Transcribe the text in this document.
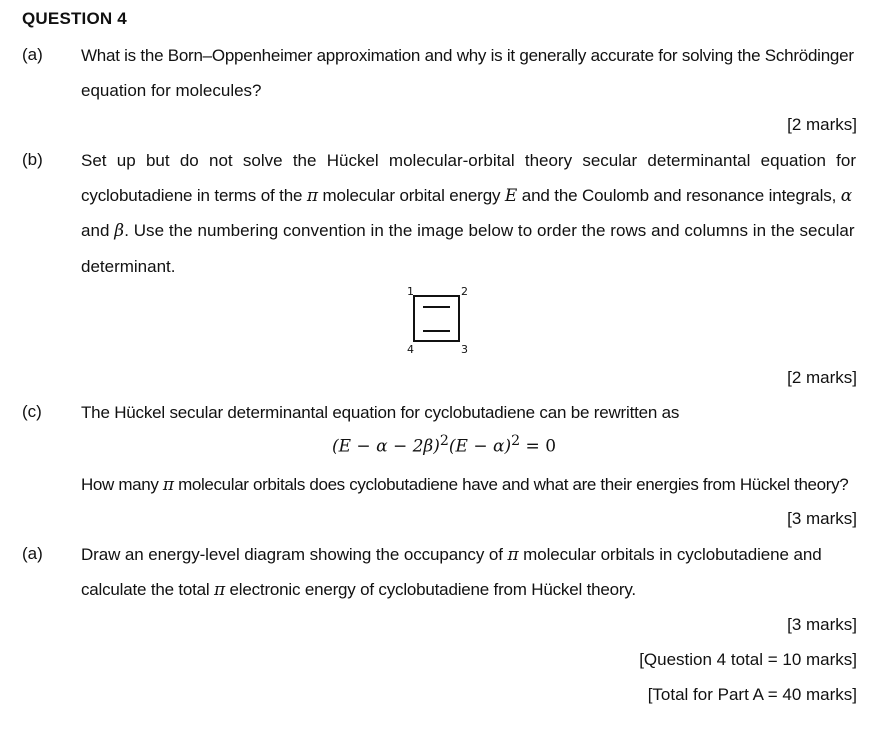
QUESTION 4
(a) What is the Born–Oppenheimer approximation and why is it generally accurate for solving the Schrödinger
equation for molecules?
[2 marks]
(b) Set up but do not solve the Hückel molecular-orbital theory secular determinantal equation for
cyclobutadiene in terms of the π molecular orbital energy E and the Coulomb and resonance integrals, α
and β. Use the numbering convention in the image below to order the rows and columns in the secular
determinant.
1	2
3
4
[2 marks]
(c) The Hückel secular determinantal equation for cyclobutadiene can be rewritten as
$(E - \alpha - 2\beta)^2(E - \alpha)^2 = 0$
How many π molecular orbitals does cyclobutadiene have and what are their energies from Hückel theory?
[3 marks]
(a) Draw an energy-level diagram showing the occupancy of π molecular orbitals in cyclobutadiene and
calculate the total π electronic energy of cyclobutadiene from Hückel theory.
[3 marks]
[Question 4 total = 10 marks]
[Total for Part A = 40 marks]
